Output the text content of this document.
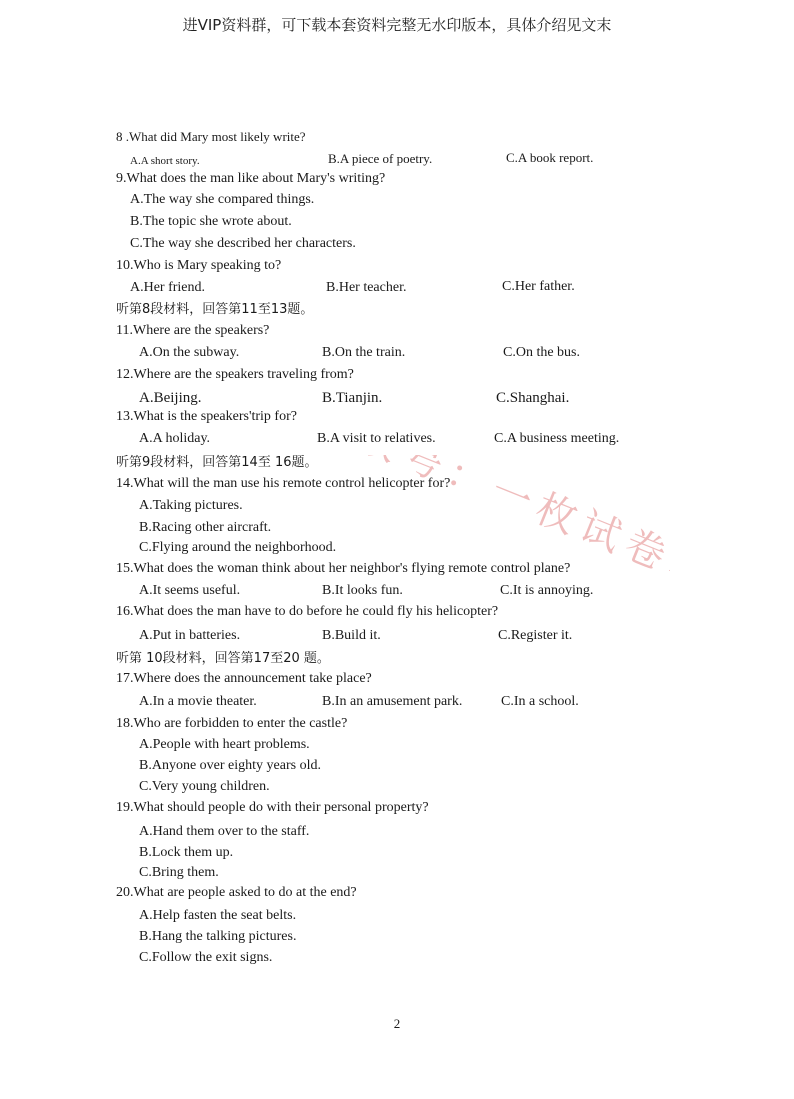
进VIP资料群，可下载本套资料完整无水印版本，具体介绍见文末
8 .What did Mary most likely write?
A.A short story.	B.A piece of poetry.	C.A book report.
9.What does the man like about Mary's writing?
A.The way she compared things.
B.The topic she wrote about.
C.The way she described her characters.
10.Who is Mary speaking to?
A.Her friend.	B.Her teacher.	C.Her father.
听第8段材料，回答第11至13题。
11.Where are the speakers?
A.On the subway.	B.On the train.	C.On the bus.
12.Where are the speakers traveling from?
A.Beijing.	B.Tianjin.	C.Shanghai.
13.What is the speakers'trip for?
A.A holiday.	B.A visit to relatives.	C.A business meeting.
听第9段材料，回答第14至 16题。
14.What will the man use his remote control helicopter for?
A.Taking pictures.
B.Racing other aircraft.
C.Flying around the neighborhood.
15.What does the woman think about her neighbor's flying remote control plane?
A.It seems useful.	B.It looks fun.	C.It is annoying.
16.What does the man have to do before he could fly his helicopter?
A.Put in batteries.	B.Build it.	C.Register it.
听第 10段材料，回答第17至20 题。
17.Where does the announcement take place?
A.In a movie theater.	B.In an amusement park.	C.In a school.
18.Who are forbidden to enter the castle?
A.People with heart problems.
B.Anyone over eighty years old.
C.Very young children.
19.What should people do with their personal property?
A.Hand them over to the staff.
B.Lock them up.
C.Bring them.
20.What are people asked to do at the end?
A.Help fasten the seat belts.
B.Hang the talking pictures.
C.Follow the exit signs.
2
公众号：一枚试卷君
